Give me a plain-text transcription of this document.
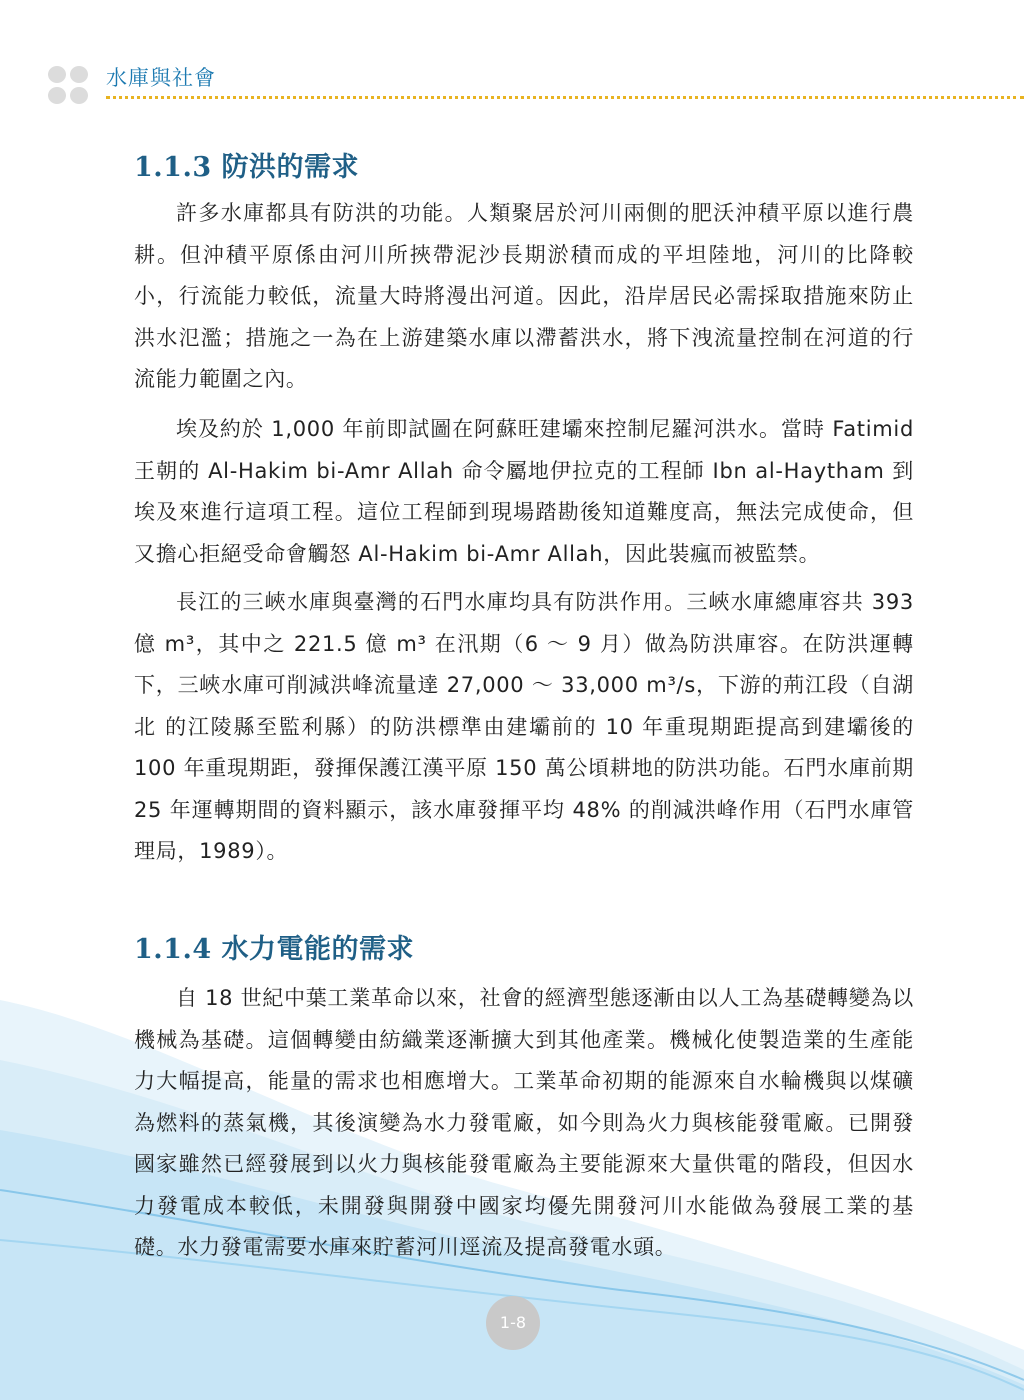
水庫與社會
1.1.3 防洪的需求

許多水庫都具有防洪的功能。人類聚居於河川兩側的肥沃沖積平原以進行農耕。但沖積平原係由河川所挾帶泥沙長期淤積而成的平坦陸地，河川的比降較小，行流能力較低，流量大時將漫出河道。因此，沿岸居民必需採取措施來防止洪水氾濫；措施之一為在上游建築水庫以滯蓄洪水，將下洩流量控制在河道的行流能力範圍之內。

埃及約於 1,000 年前即試圖在阿蘇旺建壩來控制尼羅河洪水。當時 Fatimid 王朝的 Al-Hakim bi-Amr Allah 命令屬地伊拉克的工程師 Ibn al-Haytham 到埃及來進行這項工程。這位工程師到現場踏勘後知道難度高，無法完成使命，但又擔心拒絕受命會觸怒 Al-Hakim bi-Amr Allah，因此裝瘋而被監禁。

長江的三峽水庫與臺灣的石門水庫均具有防洪作用。三峽水庫總庫容共 393 億 m³，其中之 221.5 億 m³ 在汛期（6 ～ 9 月）做為防洪庫容。在防洪運轉下，三峽水庫可削減洪峰流量達 27,000 ～ 33,000 m³/s，下游的荊江段（自湖北 的江陵縣至監利縣）的防洪標準由建壩前的 10 年重現期距提高到建壩後的 100 年重現期距，發揮保護江漢平原 150 萬公頃耕地的防洪功能。石門水庫前期 25 年運轉期間的資料顯示，該水庫發揮平均 48% 的削減洪峰作用（石門水庫管理局，1989）。

1.1.4 水力電能的需求

自 18 世紀中葉工業革命以來，社會的經濟型態逐漸由以人工為基礎轉變為以機械為基礎。這個轉變由紡織業逐漸擴大到其他產業。機械化使製造業的生產能力大幅提高，能量的需求也相應增大。工業革命初期的能源來自水輪機與以煤礦為燃料的蒸氣機，其後演變為水力發電廠，如今則為火力與核能發電廠。已開發國家雖然已經發展到以火力與核能發電廠為主要能源來大量供電的階段，但因水力發電成本較低，未開發與開發中國家均優先開發河川水能做為發展工業的基礎。水力發電需要水庫來貯蓄河川逕流及提高發電水頭。

1-8
